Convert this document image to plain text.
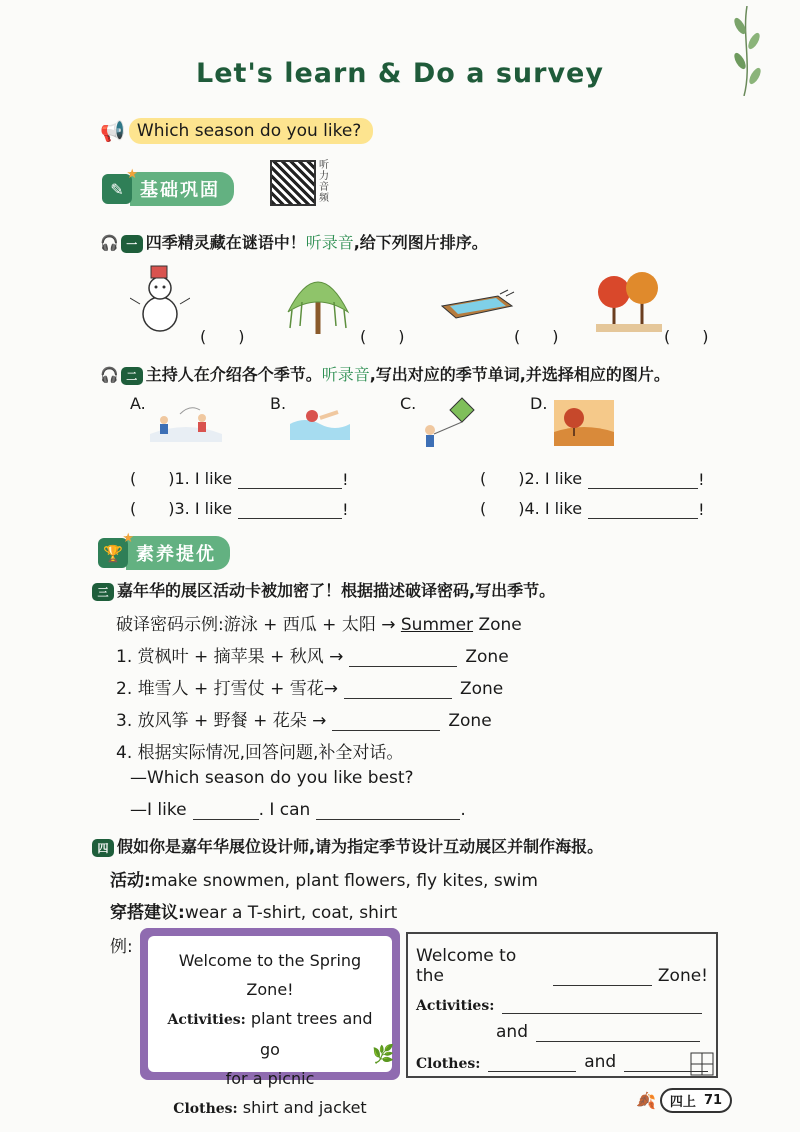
Let's learn & Do a survey
📢 Which season do you like?
✎
★
基础巩固
听力音频
🎧 一 四季精灵藏在谜语中！听录音,给下列图片排序。
(　　)	(　　)	(　　)	(　　)
🎧 二 主持人在介绍各个季节。听录音,写出对应的季节单词,并选择相应的图片。
A.	B.	C.	D.
(　　)1. I like	!	(　　)2. I like	!
(　　)3. I like	!	(　　)4. I like	!
🏆
★
素养提优
三 嘉年华的展区活动卡被加密了！根据描述破译密码,写出季节。
破译密码示例:游泳 + 西瓜 + 太阳 → Summer Zone
1. 赏枫叶 + 摘苹果 + 秋风 →	Zone
2. 堆雪人 + 打雪仗 + 雪花→	Zone
3. 放风筝 + 野餐 + 花朵 →	Zone
4. 根据实际情况,回答问题,补全对话。
—Which season do you like best?
—I like	. I can	.
四 假如你是嘉年华展位设计师,请为指定季节设计互动展区并制作海报。
活动:make snowmen, plant flowers, fly kites, swim
穿搭建议:wear a T-shirt, coat, shirt
例:
Welcome to the Spring Zone!
Activities: plant trees and go
for a picnic
Clothes: shirt and jacket
🌿
Welcome to the	Zone!
Activities:
and
Clothes:	and
🍂 四上 71
